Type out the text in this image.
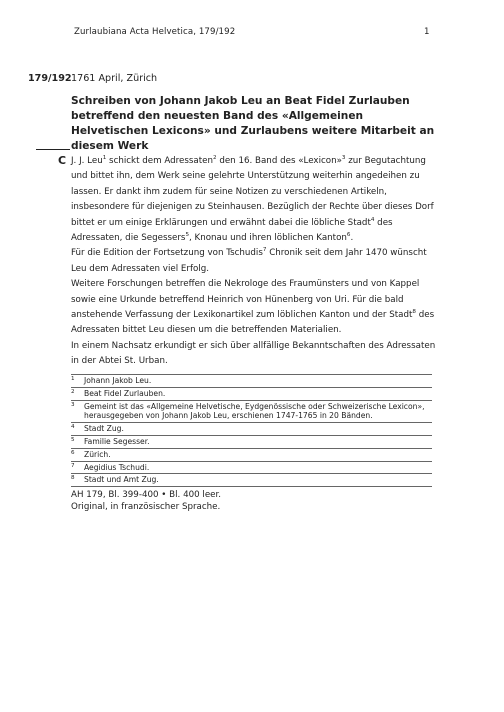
Zurlaubiana Acta Helvetica, 179/192	1
179/192 1761 April, Zürich
Schreiben von Johann Jakob Leu an Beat Fidel Zurlauben betreffend den neuesten Band des «Allgemeinen Helvetischen Lexicons» und Zurlaubens weitere Mitarbeit an diesem Werk
C J. J. Leu$^1$ schickt dem Adressaten$^2$ den 16. Band des «Lexicon»$^3$ zur Begutachtung und bittet ihn, dem Werk seine gelehrte Unterstützung weiterhin angedeihen zu lassen. Er dankt ihm zudem für seine Notizen zu verschiedenen Artikeln, insbesondere für diejenigen zu Steinhausen. Bezüglich der Rechte über dieses Dorf bittet er um einige Erklärungen und erwähnt dabei die löbliche Stadt$^4$ des Adressaten, die Segessers$^5$, Knonau und ihren löblichen Kanton$^6$.

Für die Edition der Fortsetzung von Tschudis$^7$ Chronik seit dem Jahr 1470 wünscht Leu dem Adressaten viel Erfolg.

Weitere Forschungen betreffen die Nekrologe des Fraumünsters und von Kappel sowie eine Urkunde betreffend Heinrich von Hünenberg von Uri. Für die bald anstehende Verfassung der Lexikonartikel zum löblichen Kanton und der Stadt$^8$ des Adressaten bittet Leu diesen um die betreffenden Materialien.

In einem Nachsatz erkundigt er sich über allfällige Bekanntschaften des Adressaten in der Abtei St. Urban.

1	Johann Jakob Leu.
2	Beat Fidel Zurlauben.
3	Gemeint ist das «Allgemeine Helvetische, Eydgenössische oder Schweizerische Lexicon», herausgegeben von Johann Jakob Leu, erschienen 1747-1765 in 20 Bänden.
4	Stadt Zug.
5	Familie Segesser.
6	Zürich.
7	Aegidius Tschudi.
8	Stadt und Amt Zug.
AH 179, Bl. 399-400 • Bl. 400 leer.
Original, in französischer Sprache.
